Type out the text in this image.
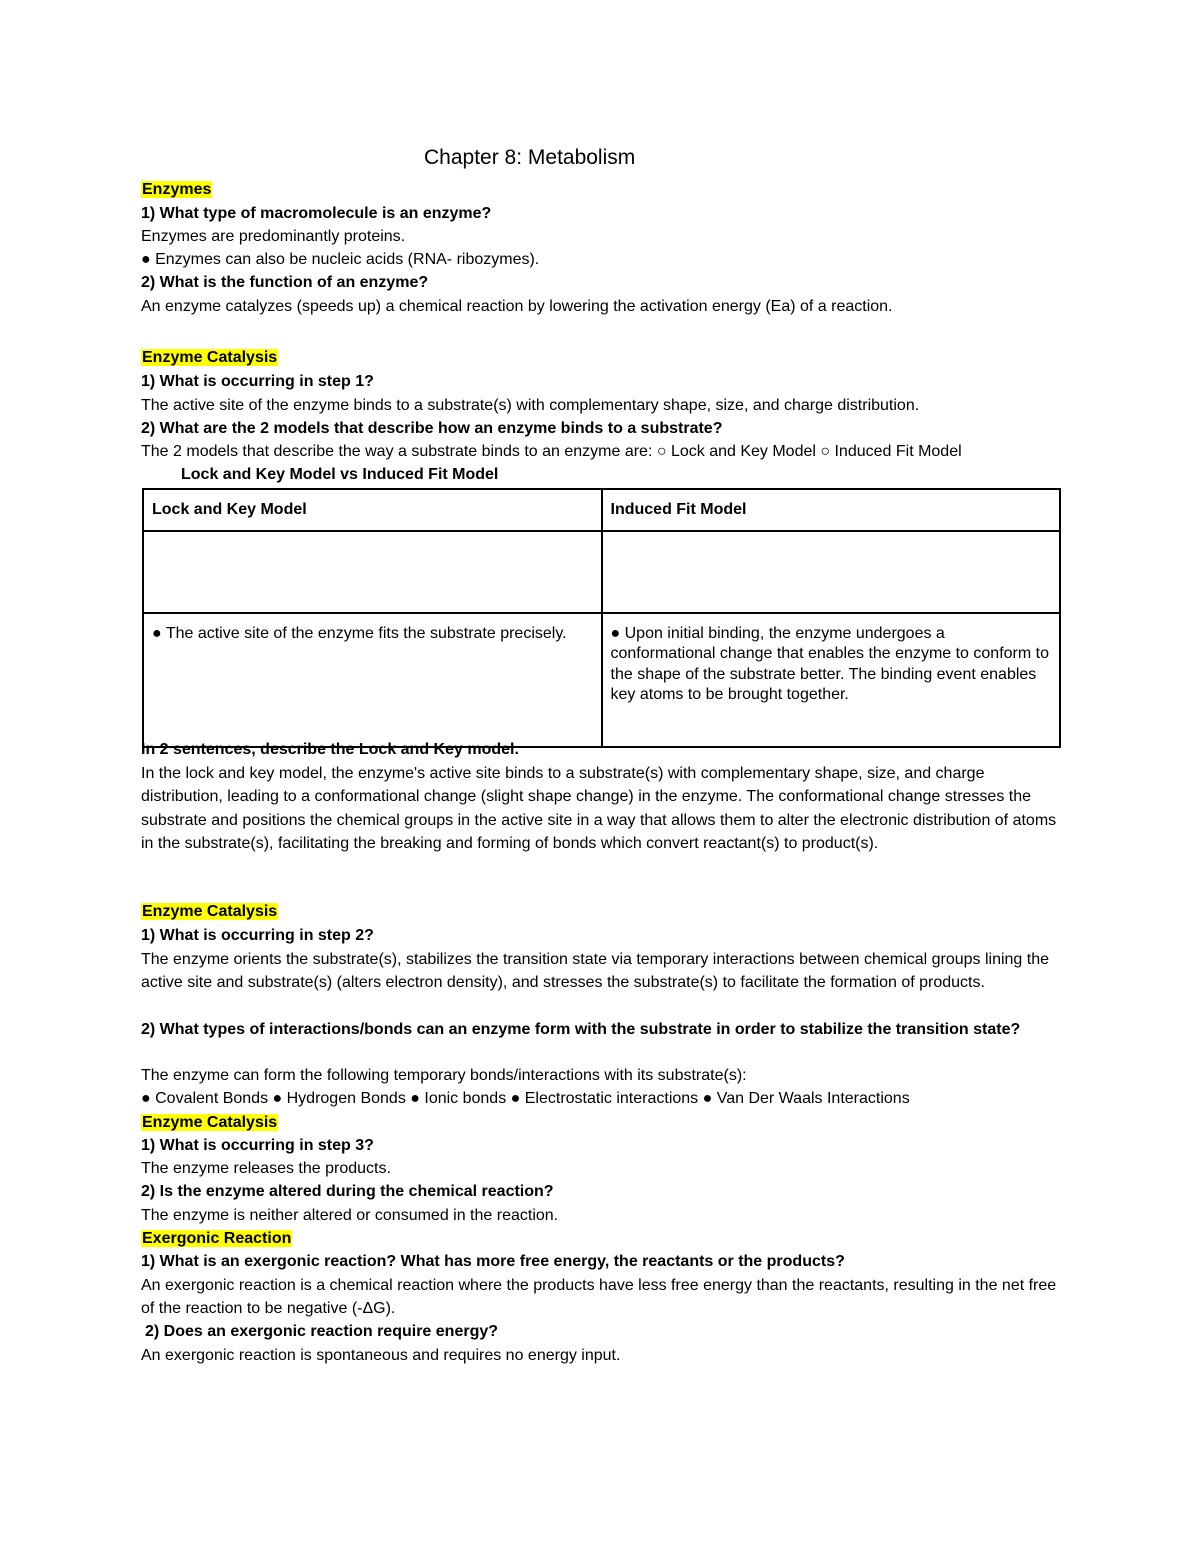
Chapter 8: Metabolism
Enzymes
1) What type of macromolecule is an enzyme?
Enzymes are predominantly proteins.
● Enzymes can also be nucleic acids (RNA- ribozymes).
2) What is the function of an enzyme?
An enzyme catalyzes (speeds up) a chemical reaction by lowering the activation energy (Ea) of a reaction.
Enzyme Catalysis
1) What is occurring in step 1?
The active site of the enzyme binds to a substrate(s) with complementary shape, size, and charge distribution.
2) What are the 2 models that describe how an enzyme binds to a substrate?
The 2 models that describe the way a substrate binds to an enzyme are: ○ Lock and Key Model ○ Induced Fit Model
Lock and Key Model vs Induced Fit Model
Lock and Key Model	Induced Fit Model

● The active site of the enzyme fits the substrate precisely.	● Upon initial binding, the enzyme undergoes a conformational change that enables the enzyme to conform to the shape of the substrate better. The binding event enables key atoms to be brought together.
In 2 sentences, describe the Lock and Key model.
In the lock and key model, the enzyme's active site binds to a substrate(s) with complementary shape, size, and charge distribution, leading to a conformational change (slight shape change) in the enzyme. The conformational change stresses the substrate and positions the chemical groups in the active site in a way that allows them to alter the electronic distribution of atoms in the substrate(s), facilitating the breaking and forming of bonds which convert reactant(s) to product(s).
Enzyme Catalysis
1) What is occurring in step 2?
The enzyme orients the substrate(s), stabilizes the transition state via temporary interactions between chemical groups lining the active site and substrate(s) (alters electron density), and stresses the substrate(s) to facilitate the formation of products.
2) What types of interactions/bonds can an enzyme form with the substrate in order to stabilize the transition state?
The enzyme can form the following temporary bonds/interactions with its substrate(s):
● Covalent Bonds ● Hydrogen Bonds ● Ionic bonds ● Electrostatic interactions ● Van Der Waals Interactions
Enzyme Catalysis
1) What is occurring in step 3?
The enzyme releases the products.
2) Is the enzyme altered during the chemical reaction?
The enzyme is neither altered or consumed in the reaction.
Exergonic Reaction
1) What is an exergonic reaction? What has more free energy, the reactants or the products?
An exergonic reaction is a chemical reaction where the products have less free energy than the reactants, resulting in the net free of the reaction to be negative (-ΔG).
2) Does an exergonic reaction require energy?
An exergonic reaction is spontaneous and requires no energy input.
